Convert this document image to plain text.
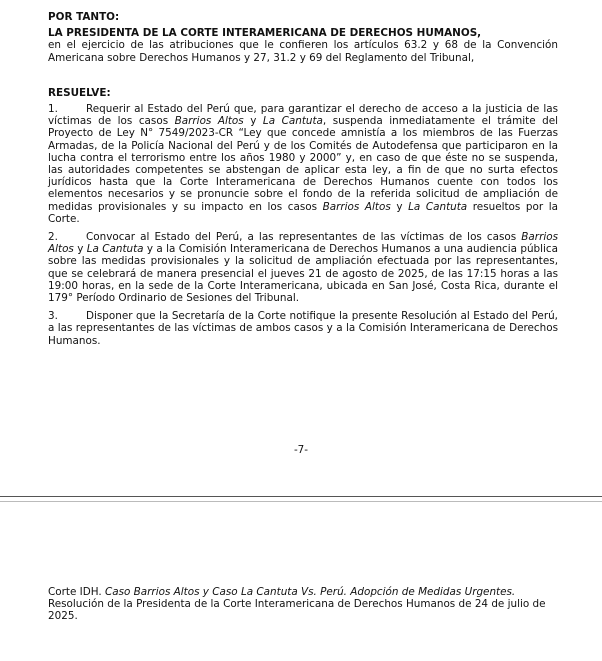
POR TANTO:

LA PRESIDENTA DE LA CORTE INTERAMERICANA DE DERECHOS HUMANOS,

en el ejercicio de las atribuciones que le confieren los artículos 63.2 y 68 de la Convención Americana sobre Derechos Humanos y 27, 31.2 y 69 del Reglamento del Tribunal,

RESUELVE:

1.	Requerir al Estado del Perú que, para garantizar el derecho de acceso a la justicia de las víctimas de los casos Barrios Altos y La Cantuta, suspenda inmediatamente el trámite del Proyecto de Ley N° 7549/2023-CR “Ley que concede amnistía a los miembros de las Fuerzas Armadas, de la Policía Nacional del Perú y de los Comités de Autodefensa que participaron en la lucha contra el terrorismo entre los años 1980 y 2000” y, en caso de que éste no se suspenda, las autoridades competentes se abstengan de aplicar esta ley, a fin de que no surta efectos jurídicos hasta que la Corte Interamericana de Derechos Humanos cuente con todos los elementos necesarios y se pronuncie sobre el fondo de la referida solicitud de ampliación de medidas provisionales y su impacto en los casos Barrios Altos y La Cantuta resueltos por la Corte.

2.	Convocar al Estado del Perú, a las representantes de las víctimas de los casos Barrios Altos y La Cantuta y a la Comisión Interamericana de Derechos Humanos a una audiencia pública sobre las medidas provisionales y la solicitud de ampliación efectuada por las representantes, que se celebrará de manera presencial el jueves 21 de agosto de 2025, de las 17:15 horas a las 19:00 horas, en la sede de la Corte Interamericana, ubicada en San José, Costa Rica, durante el 179° Período Ordinario de Sesiones del Tribunal.

3.	Disponer que la Secretaría de la Corte notifique la presente Resolución al Estado del Perú, a las representantes de las víctimas de ambos casos y a la Comisión Interamericana de Derechos Humanos.

-7-
Corte IDH. Caso Barrios Altos y Caso La Cantuta Vs. Perú. Adopción de Medidas Urgentes. Resolución de la Presidenta de la Corte Interamericana de Derechos Humanos de 24 de julio de 2025.
